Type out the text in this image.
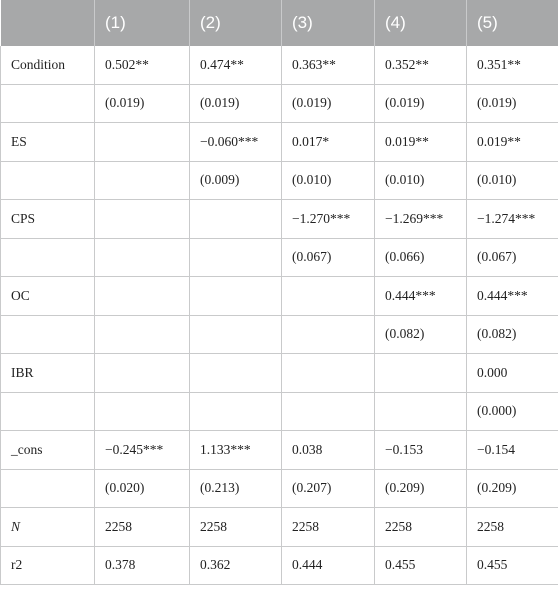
	(1)	(2)	(3)	(4)	(5)
Condition	0.502**	0.474**	0.363**	0.352**	0.351**
	(0.019)	(0.019)	(0.019)	(0.019)	(0.019)
ES		−0.060***	0.017*	0.019**	0.019**
		(0.009)	(0.010)	(0.010)	(0.010)
CPS			−1.270***	−1.269***	−1.274***
			(0.067)	(0.066)	(0.067)
OC				0.444***	0.444***
				(0.082)	(0.082)
IBR					0.000
					(0.000)
_cons	−0.245***	1.133***	0.038	−0.153	−0.154
	(0.020)	(0.213)	(0.207)	(0.209)	(0.209)
N	2258	2258	2258	2258	2258
r2	0.378	0.362	0.444	0.455	0.455
